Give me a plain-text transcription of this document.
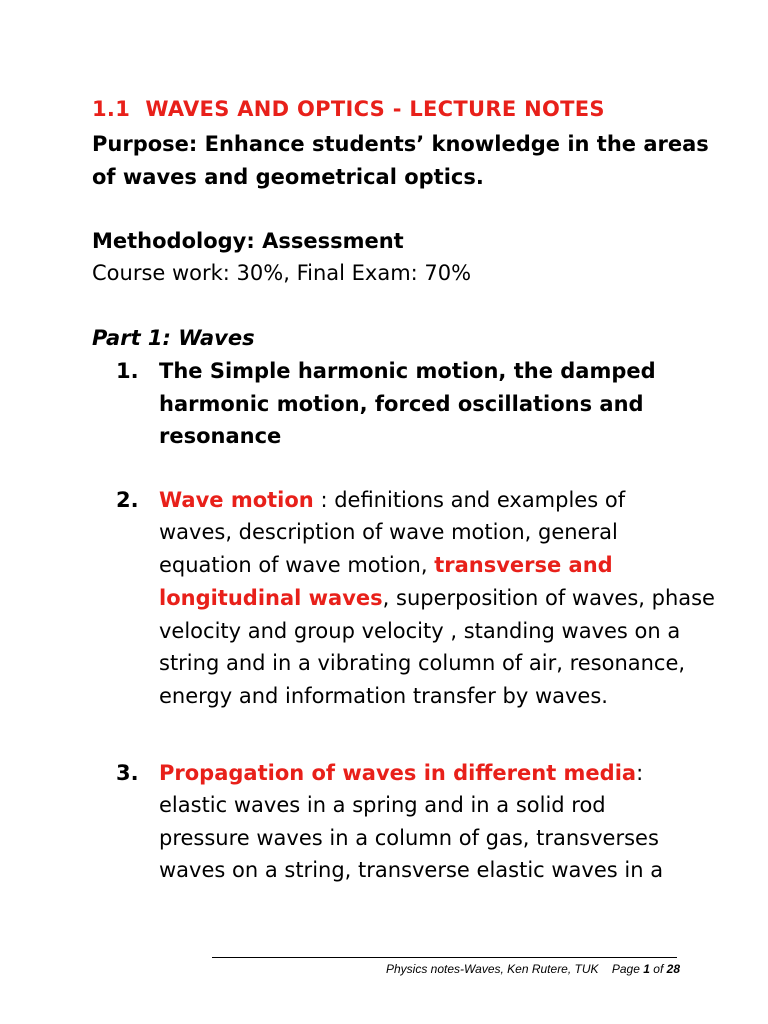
1.1 WAVES AND OPTICS - LECTURE NOTES
Purpose: Enhance students’ knowledge in the areas
of waves and geometrical optics.
Methodology: Assessment
Course work: 30%, Final Exam: 70%
Part 1: Waves
1. The Simple harmonic motion, the damped
harmonic motion, forced oscillations and
resonance
2. Wave motion : definitions and examples of
waves, description of wave motion, general
equation of wave motion, transverse and
longitudinal waves, superposition of waves, phase
velocity and group velocity , standing waves on a
string and in a vibrating column of air, resonance,
energy and information transfer by waves.
3. Propagation of waves in different media:
elastic waves in a spring and in a solid rod
pressure waves in a column of gas, transverses
waves on a string, transverse elastic waves in a
Physics notes-Waves, Ken Rutere, TUK Page 1 of 28
